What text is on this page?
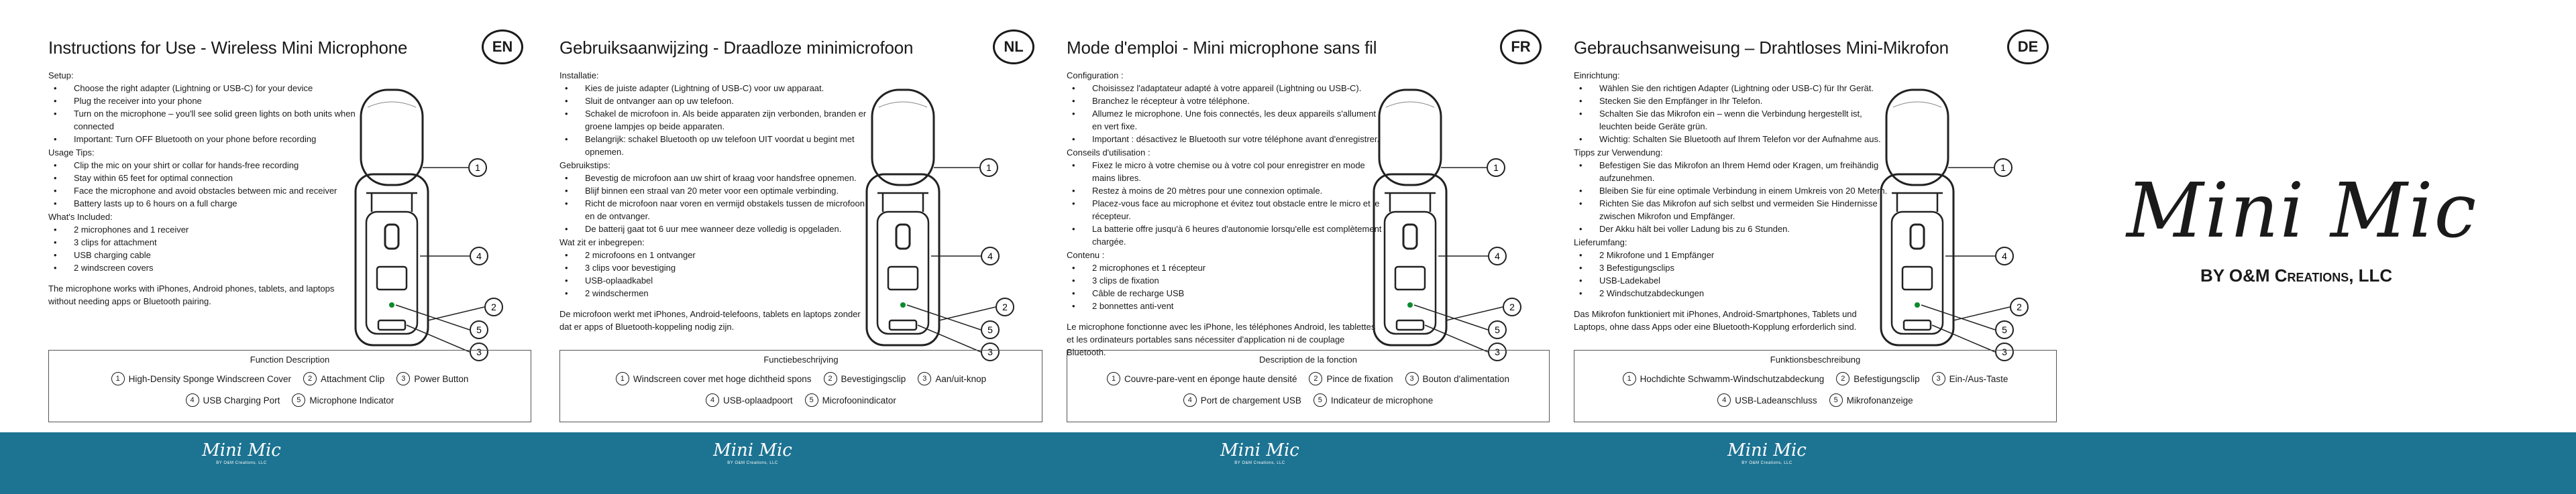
Instructions for Use - Wireless Mini Microphone	EN
Setup:
• Choose the right adapter (Lightning or USB-C) for your device
• Plug the receiver into your phone
• Turn on the microphone – you'll see solid green lights on both units when connected
• Important: Turn OFF Bluetooth on your phone before recording
Usage Tips:
• Clip the mic on your shirt or collar for hands-free recording
• Stay within 65 feet for optimal connection
• Face the microphone and avoid obstacles between mic and receiver
• Battery lasts up to 6 hours on a full charge
What's Included:
• 2 microphones and 1 receiver
• 3 clips for attachment
• USB charging cable
• 2 windscreen covers
The microphone works with iPhones, Android phones, tablets, and laptops without needing apps or Bluetooth pairing.
1
4
2
5
3
Function Description
1 High-Density Sponge Windscreen Cover	2 Attachment Clip	3 Power Button
4 USB Charging Port	5 Microphone Indicator
Gebruiksaanwijzing - Draadloze minimicrofoon	NL
Installatie:
• Kies de juiste adapter (Lightning of USB-C) voor uw apparaat.
• Sluit de ontvanger aan op uw telefoon.
• Schakel de microfoon in. Als beide apparaten zijn verbonden, branden er groene lampjes op beide apparaten.
• Belangrijk: schakel Bluetooth op uw telefoon UIT voordat u begint met opnemen.
Gebruikstips:
• Bevestig de microfoon aan uw shirt of kraag voor handsfree opnemen.
• Blijf binnen een straal van 20 meter voor een optimale verbinding.
• Richt de microfoon naar voren en vermijd obstakels tussen de microfoon en de ontvanger.
• De batterij gaat tot 6 uur mee wanneer deze volledig is opgeladen.
Wat zit er inbegrepen:
• 2 microfoons en 1 ontvanger
• 3 clips voor bevestiging
• USB-oplaadkabel
• 2 windschermen
De microfoon werkt met iPhones, Android-telefoons, tablets en laptops zonder dat er apps of Bluetooth-koppeling nodig zijn.
1
4
2
5
3
Functiebeschrijving
1 Windscreen cover met hoge dichtheid spons	2 Bevestigingsclip	3 Aan/uit-knop
4 USB-oplaadpoort	5 Microfoonindicator
Mode d'emploi - Mini microphone sans fil	FR
Configuration :
• Choisissez l'adaptateur adapté à votre appareil (Lightning ou USB-C).
• Branchez le récepteur à votre téléphone.
• Allumez le microphone. Une fois connectés, les deux appareils s'allument en vert fixe.
• Important : désactivez le Bluetooth sur votre téléphone avant d'enregistrer.
Conseils d'utilisation :
• Fixez le micro à votre chemise ou à votre col pour enregistrer en mode mains libres.
• Restez à moins de 20 mètres pour une connexion optimale.
• Placez-vous face au microphone et évitez tout obstacle entre le micro et le récepteur.
• La batterie offre jusqu'à 6 heures d'autonomie lorsqu'elle est complètement chargée.
Contenu :
• 2 microphones et 1 récepteur
• 3 clips de fixation
• Câble de recharge USB
• 2 bonnettes anti-vent
Le microphone fonctionne avec les iPhone, les téléphones Android, les tablettes et les ordinateurs portables sans nécessiter d'application ni de couplage Bluetooth.
1
4
2
5
3
Description de la fonction
1 Couvre-pare-vent en éponge haute densité	2 Pince de fixation	3 Bouton d'alimentation
4 Port de chargement USB	5 Indicateur de microphone
Gebrauchsanweisung – Drahtloses Mini-Mikrofon	DE
Einrichtung:
• Wählen Sie den richtigen Adapter (Lightning oder USB-C) für Ihr Gerät.
• Stecken Sie den Empfänger in Ihr Telefon.
• Schalten Sie das Mikrofon ein – wenn die Verbindung hergestellt ist, leuchten beide Geräte grün.
• Wichtig: Schalten Sie Bluetooth auf Ihrem Telefon vor der Aufnahme aus.
Tipps zur Verwendung:
• Befestigen Sie das Mikrofon an Ihrem Hemd oder Kragen, um freihändig aufzunehmen.
• Bleiben Sie für eine optimale Verbindung in einem Umkreis von 20 Metern.
• Richten Sie das Mikrofon auf sich selbst und vermeiden Sie Hindernisse zwischen Mikrofon und Empfänger.
• Der Akku hält bei voller Ladung bis zu 6 Stunden.
Lieferumfang:
• 2 Mikrofone und 1 Empfänger
• 3 Befestigungsclips
• USB-Ladekabel
• 2 Windschutzabdeckungen
Das Mikrofon funktioniert mit iPhones, Android-Smartphones, Tablets und Laptops, ohne dass Apps oder eine Bluetooth-Kopplung erforderlich sind.
1
4
2
5
3
Funktionsbeschreibung
1 Hochdichte Schwamm-Windschutzabdeckung	2 Befestigungsclip	3 Ein-/Aus-Taste
4 USB-Ladeanschluss	5 Mikrofonanzeige
Mini Mic
BY O&M Creations, LLC
Mini Mic
BY O&M Creations, LLC
Mini Mic
BY O&M Creations, LLC
Mini Mic
BY O&M Creations, LLC
Mini Mic
BY O&M Creations, LLC
